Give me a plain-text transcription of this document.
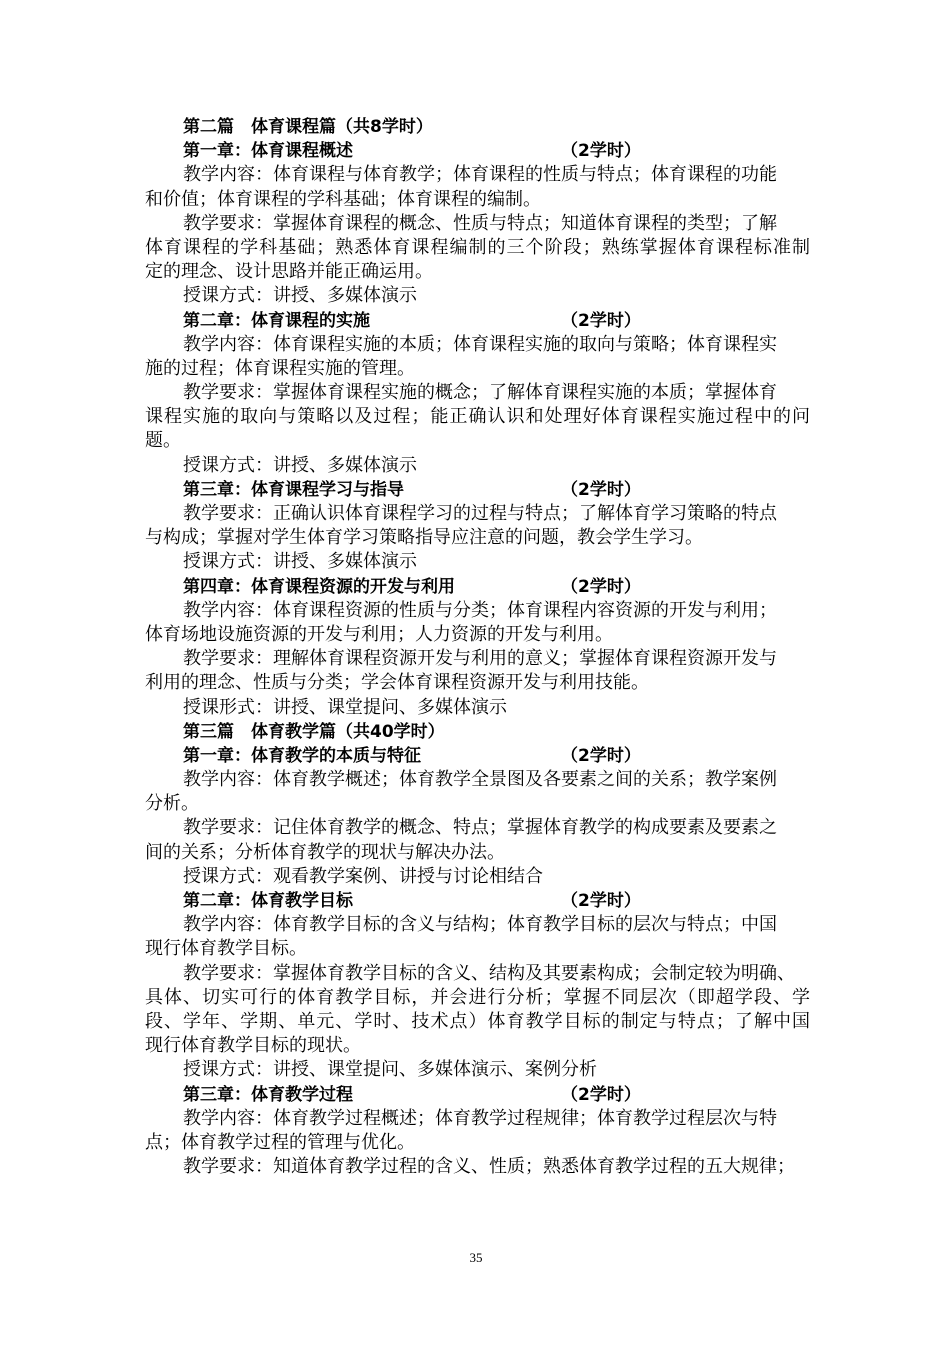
第二篇　体育课程篇（共8学时）
第一章：体育课程概述	（2学时）
教学内容：体育课程与体育教学；体育课程的性质与特点；体育课程的功能
和价值；体育课程的学科基础；体育课程的编制。
教学要求：掌握体育课程的概念、性质与特点；知道体育课程的类型；了解
体育课程的学科基础；熟悉体育课程编制的三个阶段；熟练掌握体育课程标准制
定的理念、设计思路并能正确运用。
授课方式：讲授、多媒体演示
第二章：体育课程的实施	（2学时）
教学内容：体育课程实施的本质；体育课程实施的取向与策略；体育课程实
施的过程；体育课程实施的管理。
教学要求：掌握体育课程实施的概念；了解体育课程实施的本质；掌握体育
课程实施的取向与策略以及过程；能正确认识和处理好体育课程实施过程中的问
题。
授课方式：讲授、多媒体演示
第三章：体育课程学习与指导	（2学时）
教学要求：正确认识体育课程学习的过程与特点；了解体育学习策略的特点
与构成；掌握对学生体育学习策略指导应注意的问题，教会学生学习。
授课方式：讲授、多媒体演示
第四章：体育课程资源的开发与利用	（2学时）
教学内容：体育课程资源的性质与分类；体育课程内容资源的开发与利用；
体育场地设施资源的开发与利用；人力资源的开发与利用。
教学要求：理解体育课程资源开发与利用的意义；掌握体育课程资源开发与
利用的理念、性质与分类；学会体育课程资源开发与利用技能。
授课形式：讲授、课堂提问、多媒体演示
第三篇　体育教学篇（共40学时）
第一章：体育教学的本质与特征	（2学时）
教学内容：体育教学概述；体育教学全景图及各要素之间的关系；教学案例
分析。
教学要求：记住体育教学的概念、特点；掌握体育教学的构成要素及要素之
间的关系；分析体育教学的现状与解决办法。
授课方式：观看教学案例、讲授与讨论相结合
第二章：体育教学目标	（2学时）
教学内容：体育教学目标的含义与结构；体育教学目标的层次与特点；中国
现行体育教学目标。
教学要求：掌握体育教学目标的含义、结构及其要素构成；会制定较为明确、
具体、切实可行的体育教学目标，并会进行分析；掌握不同层次（即超学段、学
段、学年、学期、单元、学时、技术点）体育教学目标的制定与特点；了解中国
现行体育教学目标的现状。
授课方式：讲授、课堂提问、多媒体演示、案例分析
第三章：体育教学过程	（2学时）
教学内容：体育教学过程概述；体育教学过程规律；体育教学过程层次与特
点；体育教学过程的管理与优化。
教学要求：知道体育教学过程的含义、性质；熟悉体育教学过程的五大规律；
35
